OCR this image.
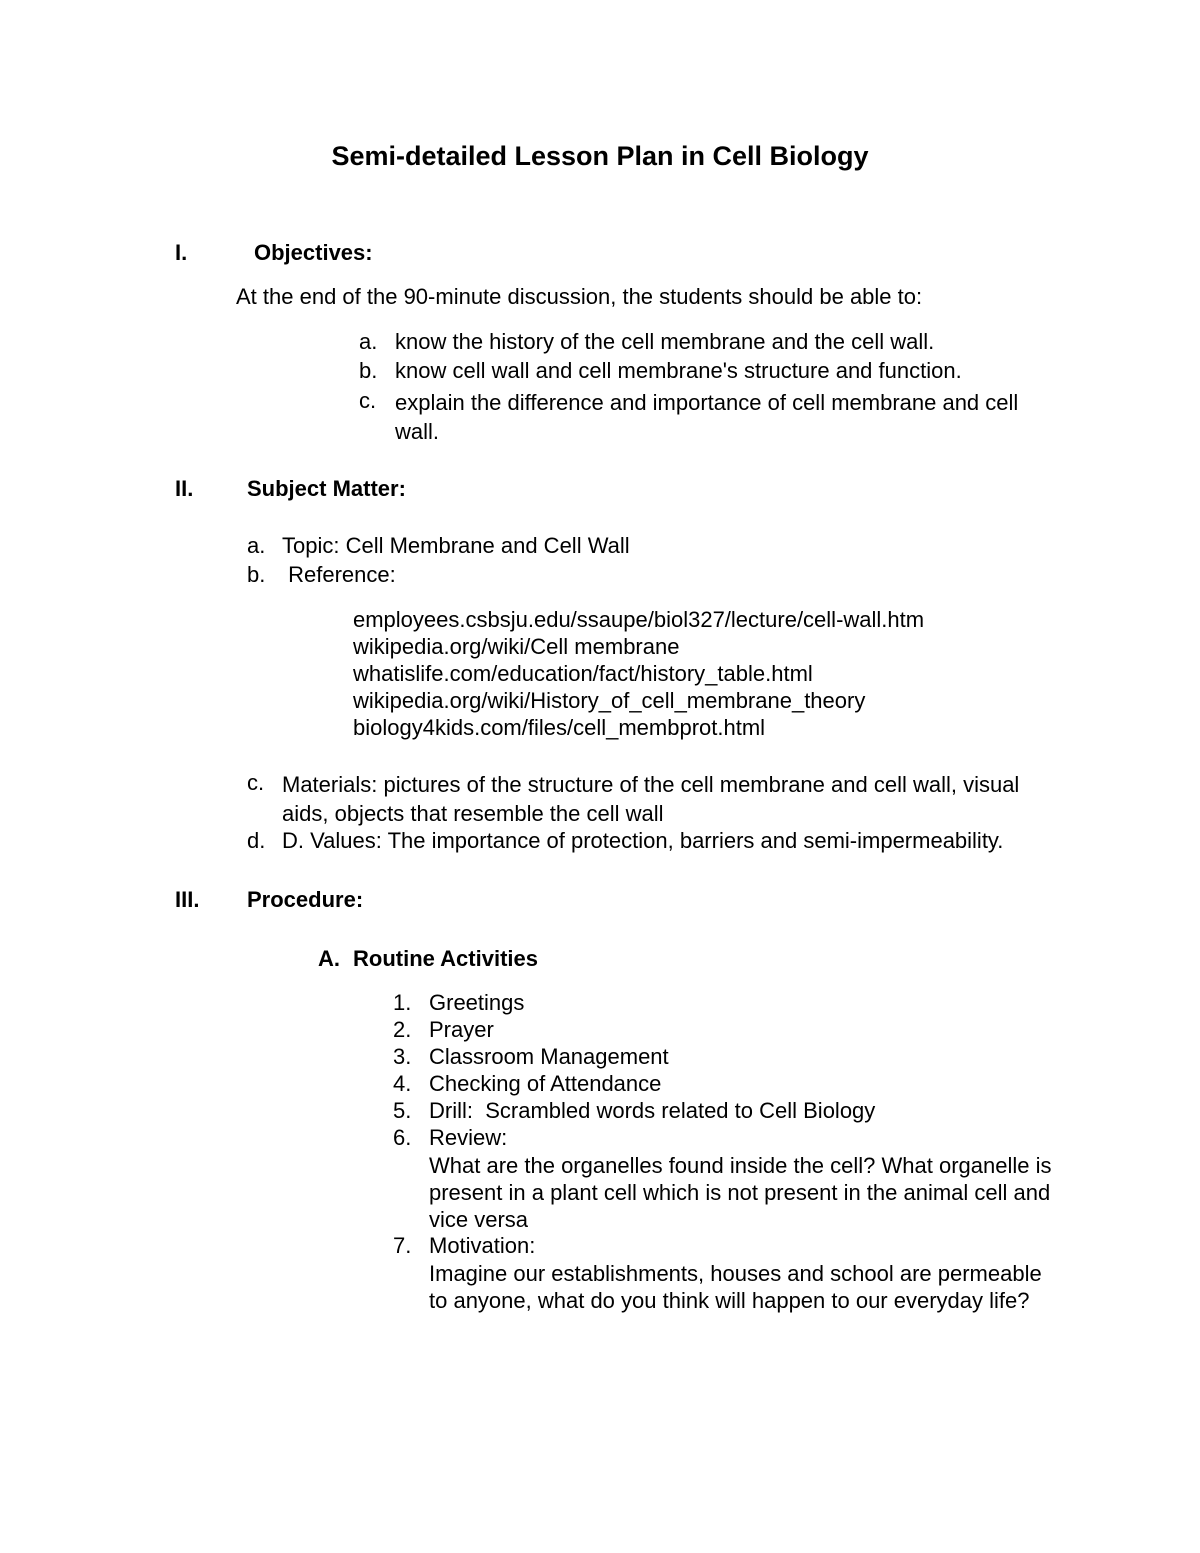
Semi-detailed Lesson Plan in Cell Biology
I.	Objectives:
At the end of the 90-minute discussion, the students should be able to:
a. know the history of the cell membrane and the cell wall.
b. know cell wall and cell membrane's structure and function.
c. explain the difference and importance of cell membrane and cell wall.
II. Subject Matter:
a. Topic: Cell Membrane and Cell Wall
b. Reference:
employees.csbsju.edu/ssaupe/biol327/lecture/cell-wall.htm
wikipedia.org/wiki/Cell membrane
whatislife.com/education/fact/history_table.html
wikipedia.org/wiki/History_of_cell_membrane_theory
biology4kids.com/files/cell_membprot.html
c. Materials: pictures of the structure of the cell membrane and cell wall, visual aids, objects that resemble the cell wall
d. D. Values: The importance of protection, barriers and semi-impermeability.
III. Procedure:
A. Routine Activities
1. Greetings
2. Prayer
3. Classroom Management
4. Checking of Attendance
5. Drill:  Scrambled words related to Cell Biology
6. Review:
What are the organelles found inside the cell? What organelle is present in a plant cell which is not present in the animal cell and vice versa
7. Motivation:
Imagine our establishments, houses and school are permeable to anyone, what do you think will happen to our everyday life?
